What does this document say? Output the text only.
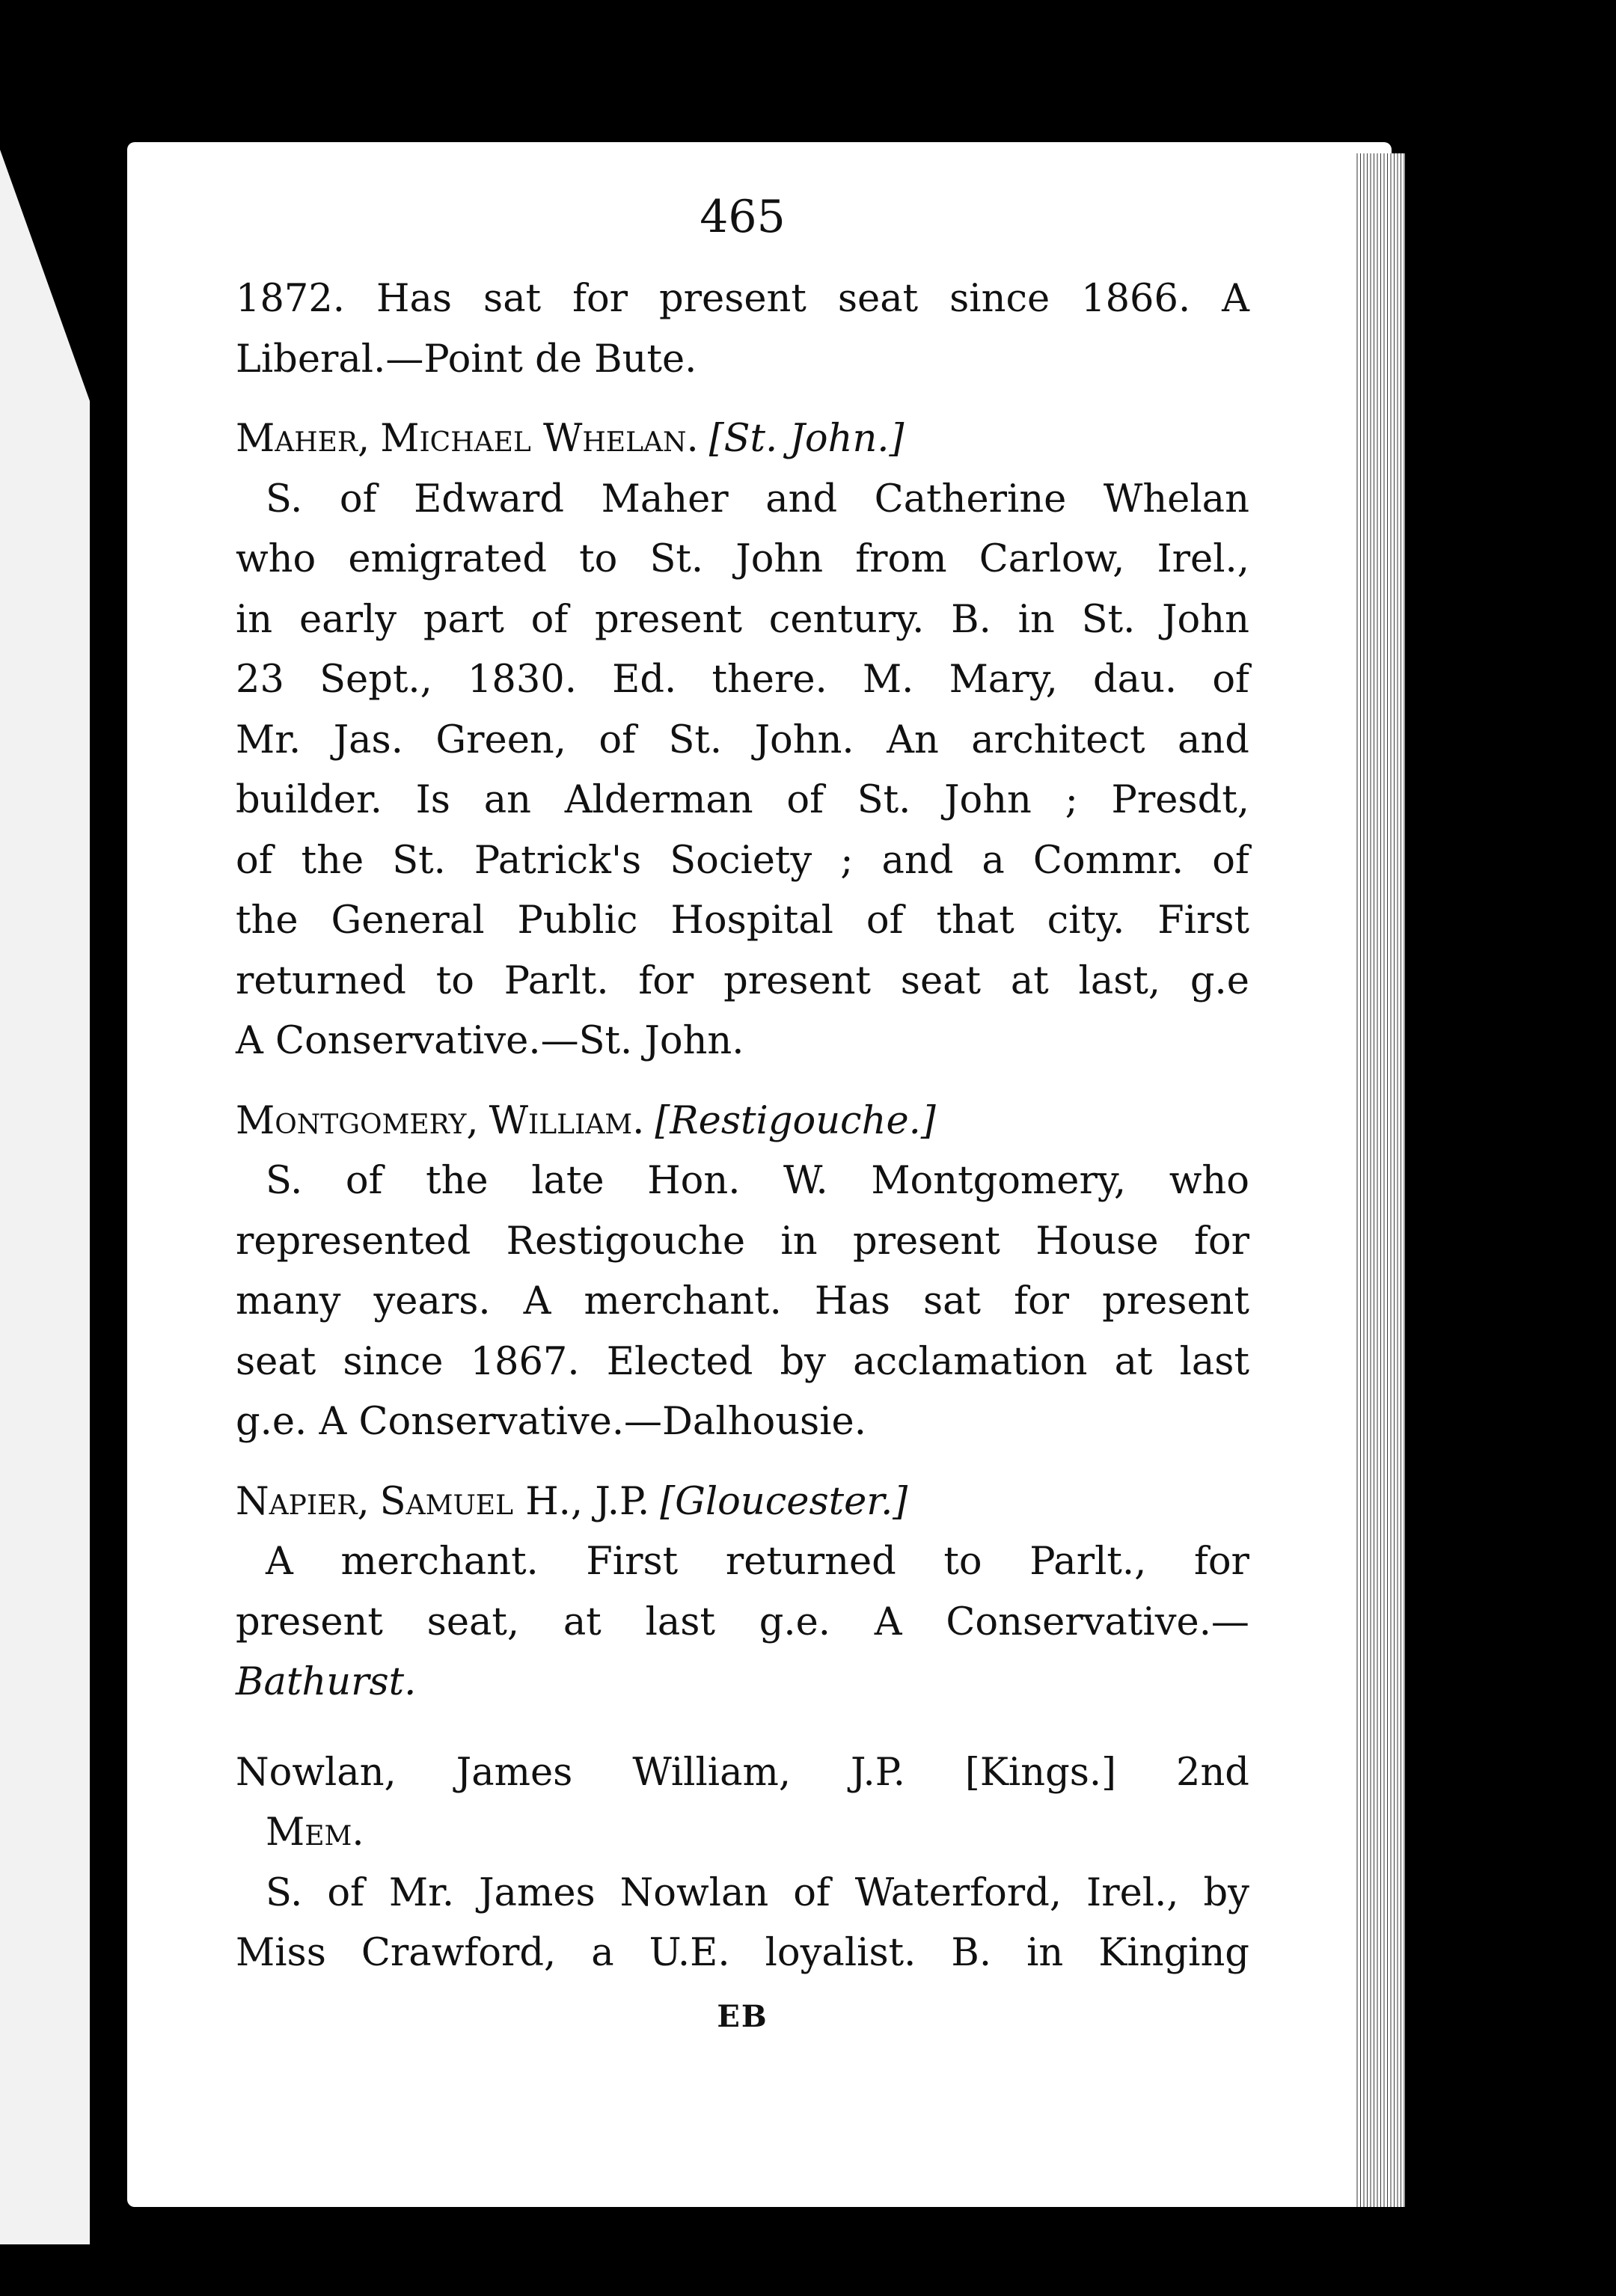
465
1872. Has sat for present seat since 1866. A
Liberal.—Point de Bute.
Maher, Michael Whelan. [St. John.]
S. of Edward Maher and Catherine Whelan
who emigrated to St. John from Carlow, Irel.,
in early part of present century. B. in St. John
23 Sept., 1830. Ed. there. M. Mary, dau. of
Mr. Jas. Green, of St. John. An architect and
builder. Is an Alderman of St. John ; Presdt,
of the St. Patrick's Society ; and a Commr. of
the General Public Hospital of that city. First
returned to Parlt. for present seat at last, g.e
A Conservative.—St. John.
Montgomery, William. [Restigouche.]
S. of the late Hon. W. Montgomery, who
represented Restigouche in present House for
many years. A merchant. Has sat for present
seat since 1867. Elected by acclamation at last
g.e. A Conservative.—Dalhousie.
Napier, Samuel H., J.P. [Gloucester.]
A merchant. First returned to Parlt., for
present seat, at last g.e. A Conservative.—
Bathurst.
Nowlan, James William, J.P. [Kings.] 2nd
Mem.
S. of Mr. James Nowlan of Waterford, Irel., by
Miss Crawford, a U.E. loyalist. B. in Kinging
EB
